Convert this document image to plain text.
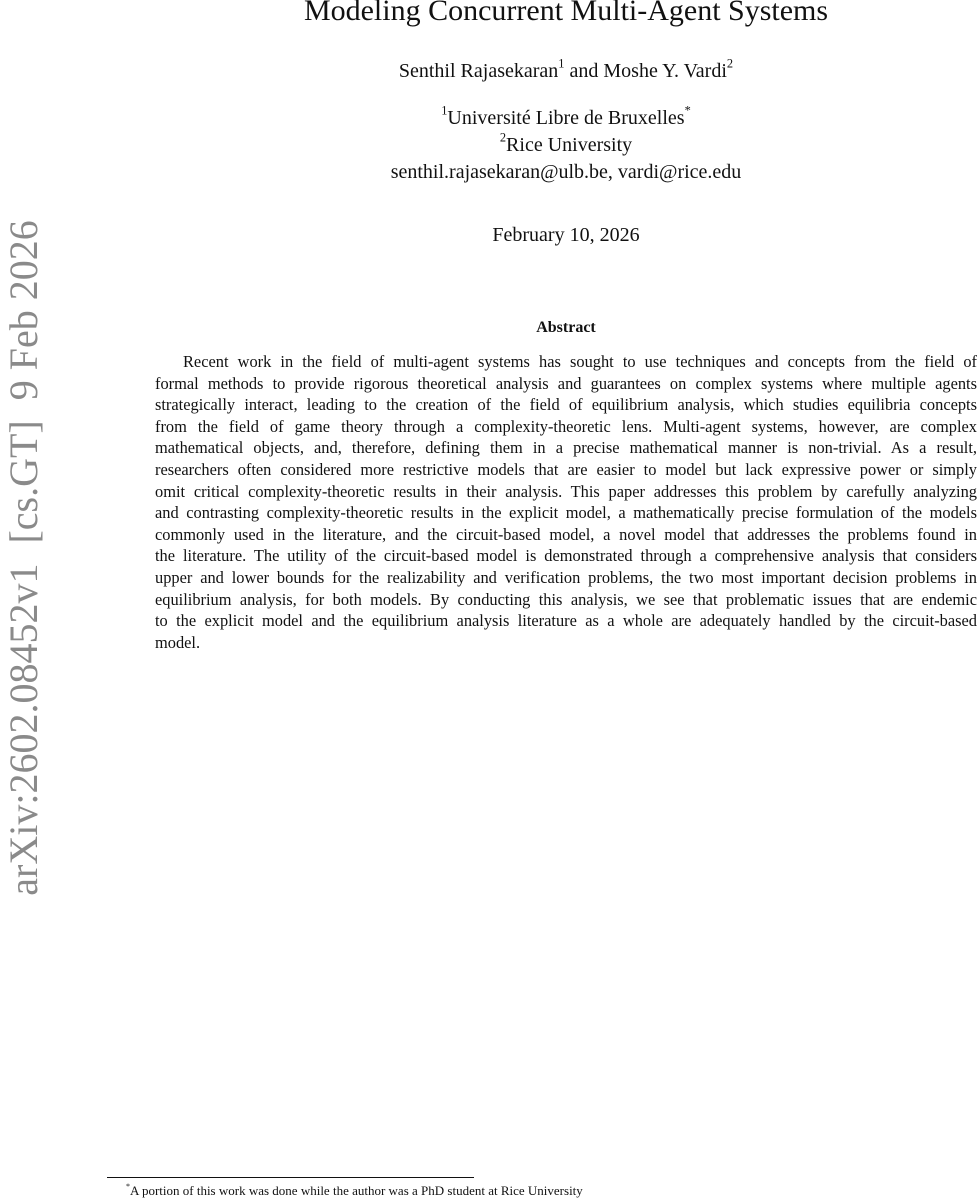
Modeling Concurrent Multi-Agent Systems
Senthil Rajasekaran$^1$ and Moshe Y. Vardi$^2$
$^1$Université Libre de Bruxelles*
$^2$Rice University
senthil.rajasekaran@ulb.be, vardi@rice.edu
February 10, 2026
Abstract
Recent work in the field of multi-agent systems has sought to use techniques and concepts from the field of
formal methods to provide rigorous theoretical analysis and guarantees on complex systems where multiple agents
strategically interact, leading to the creation of the field of equilibrium analysis, which studies equilibria concepts
from the field of game theory through a complexity-theoretic lens. Multi-agent systems, however, are complex
mathematical objects, and, therefore, defining them in a precise mathematical manner is non-trivial. As a result,
researchers often considered more restrictive models that are easier to model but lack expressive power or simply
omit critical complexity-theoretic results in their analysis. This paper addresses this problem by carefully analyzing
and contrasting complexity-theoretic results in the explicit model, a mathematically precise formulation of the models
commonly used in the literature, and the circuit-based model, a novel model that addresses the problems found in
the literature. The utility of the circuit-based model is demonstrated through a comprehensive analysis that considers
upper and lower bounds for the realizability and verification problems, the two most important decision problems in
equilibrium analysis, for both models. By conducting this analysis, we see that problematic issues that are endemic
to the explicit model and the equilibrium analysis literature as a whole are adequately handled by the circuit-based
model.
arXiv:2602.08452v1  [cs.GT]  9 Feb 2026
*A portion of this work was done while the author was a PhD student at Rice University
